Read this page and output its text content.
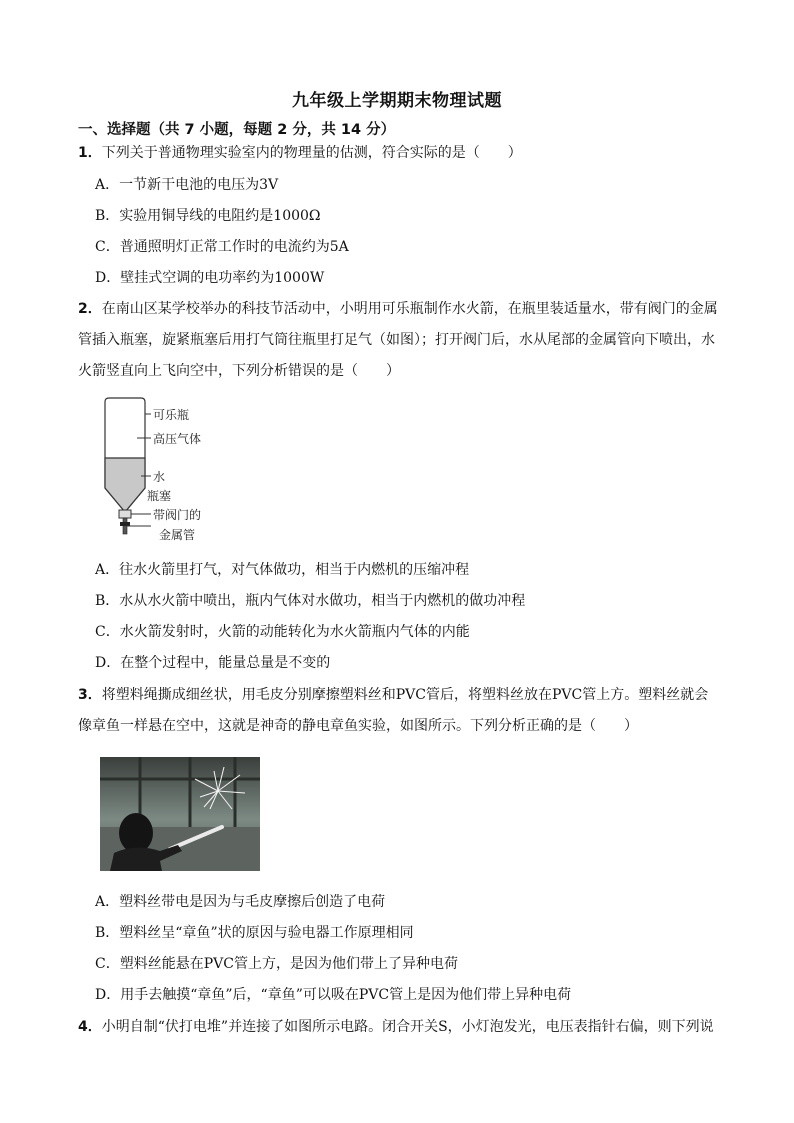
九年级上学期期末物理试题
一、选择题（共 7 小题，每题 2 分，共 14 分）
1．下列关于普通物理实验室内的物理量的估测，符合实际的是（　　）
A．一节新干电池的电压为3V
B．实验用铜导线的电阻约是1000Ω
C．普通照明灯正常工作时的电流约为5A
D．壁挂式空调的电功率约为1000W
2．在南山区某学校举办的科技节活动中，小明用可乐瓶制作水火箭，在瓶里装适量水，带有阀门的金属
管插入瓶塞，旋紧瓶塞后用打气筒往瓶里打足气（如图）；打开阀门后，水从尾部的金属管向下喷出，水
火箭竖直向上飞向空中，下列分析错误的是（　　）
可乐瓶
高压气体
水
瓶塞
带阀门的
金属管
A．往水火箭里打气，对气体做功，相当于内燃机的压缩冲程
B．水从水火箭中喷出，瓶内气体对水做功，相当于内燃机的做功冲程
C．水火箭发射时，火箭的动能转化为水火箭瓶内气体的内能
D．在整个过程中，能量总量是不变的
3．将塑料绳撕成细丝状，用毛皮分别摩擦塑料丝和PVC管后，将塑料丝放在PVC管上方。塑料丝就会
像章鱼一样悬在空中，这就是神奇的静电章鱼实验，如图所示。下列分析正确的是（　　）
A．塑料丝带电是因为与毛皮摩擦后创造了电荷
B．塑料丝呈“章鱼”状的原因与验电器工作原理相同
C．塑料丝能悬在PVC管上方，是因为他们带上了异种电荷
D．用手去触摸“章鱼”后，“章鱼”可以吸在PVC管上是因为他们带上异种电荷
4．小明自制“伏打电堆”并连接了如图所示电路。闭合开关S，小灯泡发光，电压表指针右偏，则下列说
